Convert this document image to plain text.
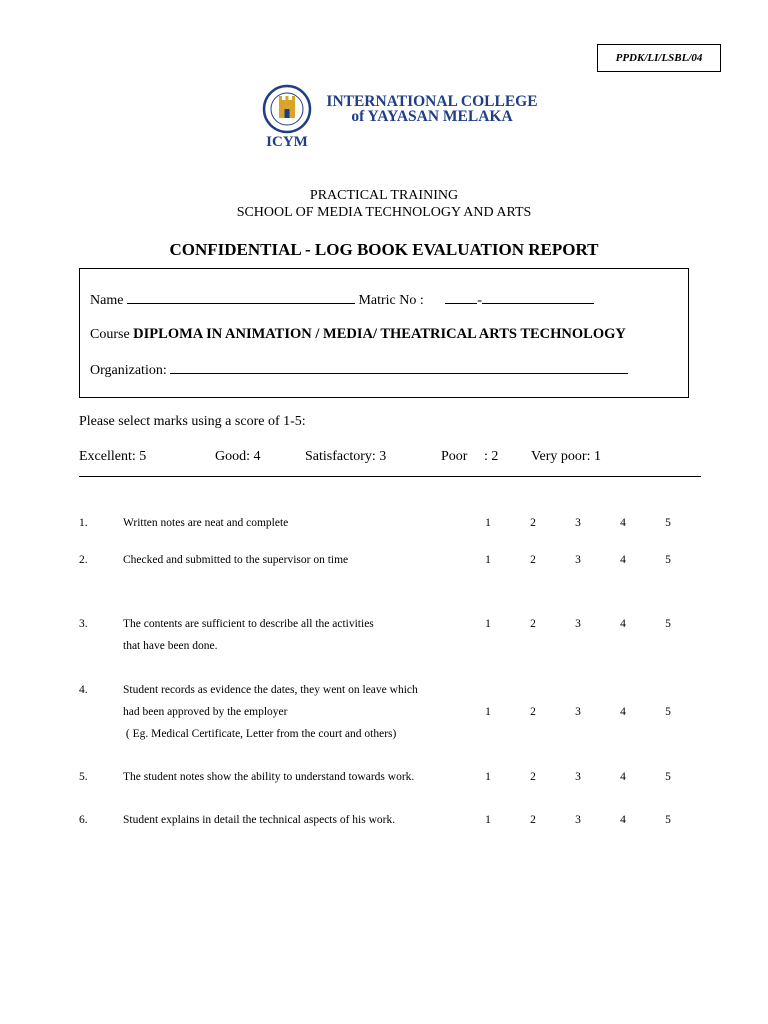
PPDK/LI/LSBL/04
ICYM
INTERNATIONAL COLLEGE
of YAYASAN MELAKA
PRACTICAL TRAINING
SCHOOL OF MEDIA TECHNOLOGY AND ARTS
CONFIDENTIAL - LOG BOOK EVALUATION REPORT
Name	Matric No :	-
Course DIPLOMA IN ANIMATION / MEDIA/ THEATRICAL ARTS TECHNOLOGY
Organization:
Please select marks using a score of 1-5:
Excellent: 5	Good: 4	Satisfactory: 3	Poor : 2 Very poor: 1
1.	Written notes are neat and complete	1	2	3	4	5
2.	Checked and submitted to the supervisor on time	1	2	3	4	5
3.	The contents are sufficient to describe all the activities
that have been done.
1	2	3	4	5
4.	Student records as evidence the dates, they went on leave which
had been approved by the employer
( Eg. Medical Certificate, Letter from the court and others)
1	2	3	4	5
5.	The student notes show the ability to understand towards work.	1	2	3	4	5
6.	Student explains in detail the technical aspects of his work.	1	2	3	4	5
